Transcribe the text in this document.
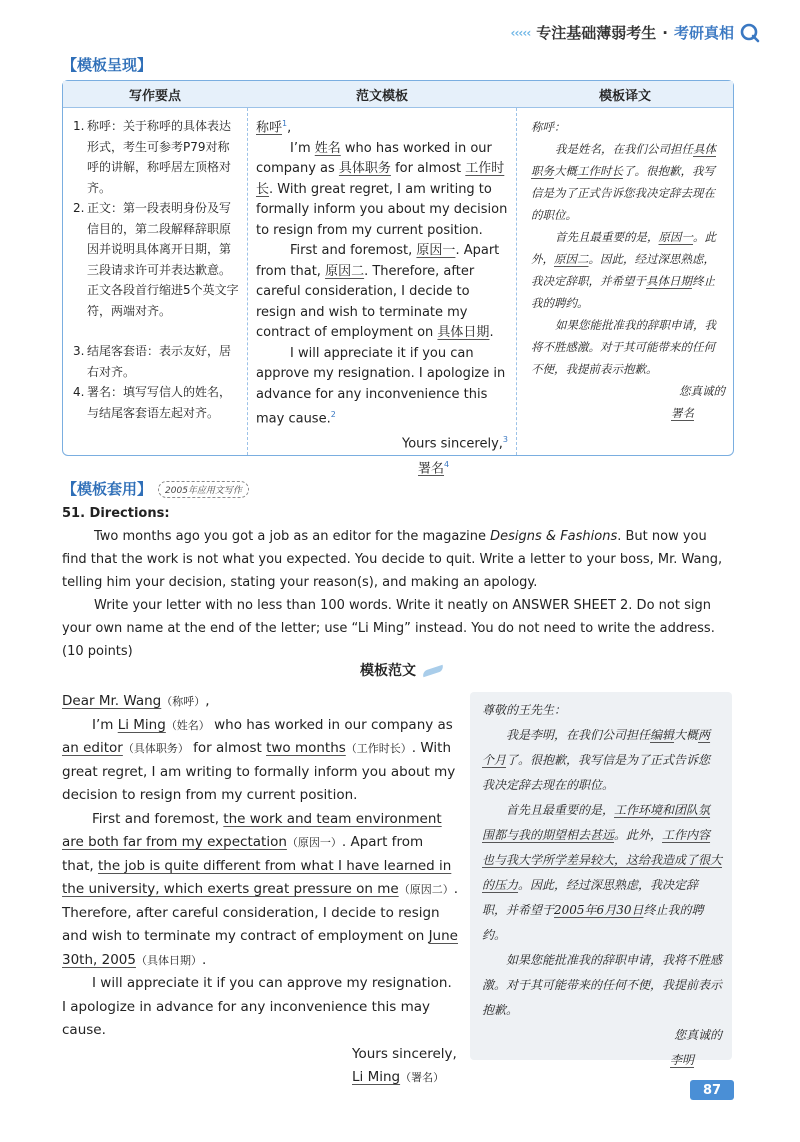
‹‹‹‹‹ 专注基础薄弱考生 · 考研真相
【模板呈现】
写作要点	范文模板	模板译文
1. 称呼：关于称呼的具体表达形式，考生可参考P79对称呼的讲解，称呼居左顶格对齐。
2. 正文：第一段表明身份及写信目的，第二段解释辞职原因并说明具体离开日期，第三段请求许可并表达歉意。正文各段首行缩进5个英文字符，两端对齐。
3. 结尾客套语：表示友好，居右对齐。
4. 署名：填写写信人的姓名，与结尾客套语左起对齐。

称呼$^1$,

I’m 姓名 who has worked in our company as 具体职务 for almost 工作时长. With great regret, I am writing to formally inform you about my decision to resign from my current position.

First and foremost, 原因一. Apart from that, 原因二. Therefore, after careful consideration, I decide to resign and wish to terminate my contract of employment on 具体日期.

I will appreciate it if you can approve my resignation. I apologize in advance for any inconvenience this may cause.$^2$

Yours sincerely,$^3$

署名$^4$

称呼：

我是姓名，在我们公司担任具体职务大概工作时长了。很抱歉，我写信是为了正式告诉您我决定辞去现在的职位。

首先且最重要的是，原因一。此外，原因二。因此，经过深思熟虑，我决定辞职，并希望于具体日期终止我的聘约。

如果您能批准我的辞职申请，我将不胜感激。对于其可能带来的任何不便，我提前表示抱歉。

您真诚的

署名

【模板套用】 2005年应用文写作
51. Directions:

Two months ago you got a job as an editor for the magazine Designs & Fashions. But now you find that the work is not what you expected. You decide to quit. Write a letter to your boss, Mr. Wang, telling him your decision, stating your reason(s), and making an apology.

Write your letter with no less than 100 words. Write it neatly on ANSWER SHEET 2. Do not sign your own name at the end of the letter; use “Li Ming” instead. You do not need to write the address. (10 points)

模板范文

Dear Mr. Wang（称呼）,

I’m Li Ming（姓名） who has worked in our company as an editor（具体职务） for almost two months（工作时长）. With great regret, I am writing to formally inform you about my decision to resign from my current position.

First and foremost, the work and team environment are both far from my expectation（原因一）. Apart from that, the job is quite different from what I have learned in the university, which exerts great pressure on me（原因二）. Therefore, after careful consideration, I decide to resign and wish to terminate my contract of employment on June 30th, 2005（具体日期）.

I will appreciate it if you can approve my resignation. I apologize in advance for any inconvenience this may cause.

Yours sincerely,

Li Ming（署名）

尊敬的王先生：

我是李明，在我们公司担任编辑大概两个月了。很抱歉，我写信是为了正式告诉您我决定辞去现在的职位。

首先且最重要的是，工作环境和团队氛围都与我的期望相去甚远。此外，工作内容也与我大学所学差异较大，这给我造成了很大的压力。因此，经过深思熟虑，我决定辞职，并希望于2005年6月30日终止我的聘约。

如果您能批准我的辞职申请，我将不胜感激。对于其可能带来的任何不便，我提前表示抱歉。

您真诚的

李明

87
